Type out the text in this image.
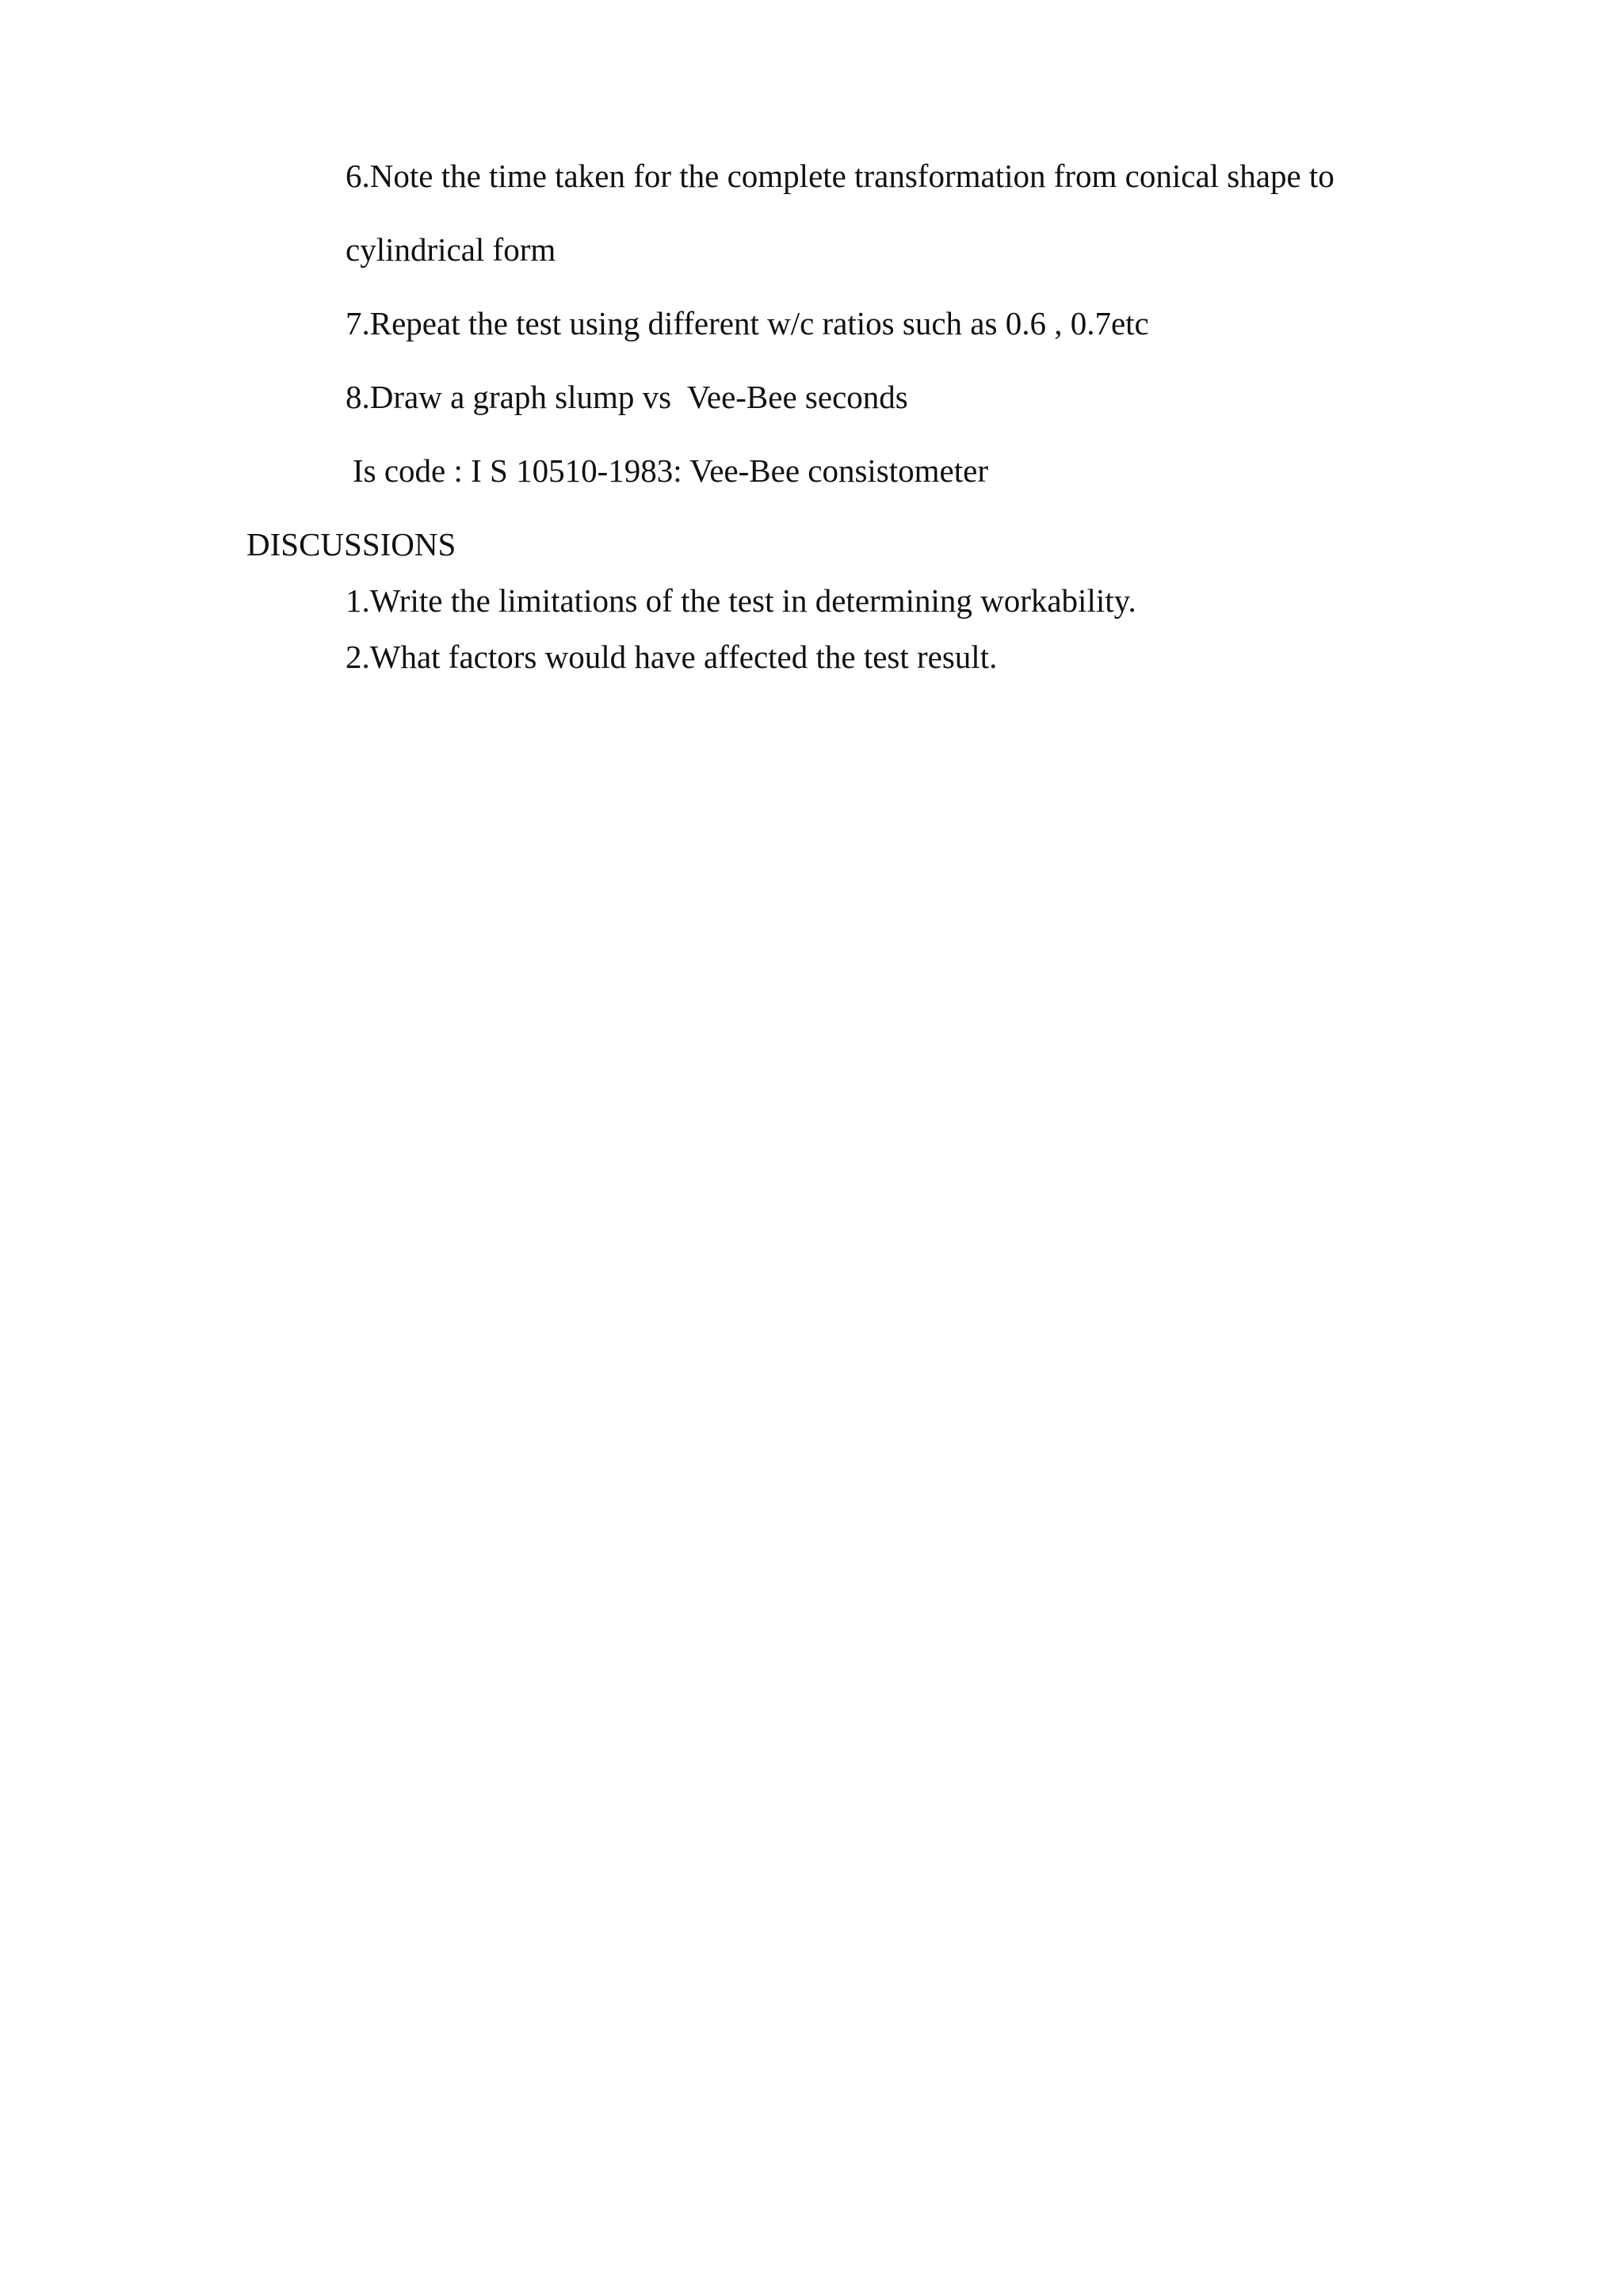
6.Note the time taken for the complete transformation from conical shape to
cylindrical form
7.Repeat the test using different w/c ratios such as 0.6 , 0.7etc
8.Draw a graph slump vs  Vee-Bee seconds
Is code : I S 10510-1983: Vee-Bee consistometer
DISCUSSIONS
1.Write the limitations of the test in determining workability.
2.What factors would have affected the test result.
